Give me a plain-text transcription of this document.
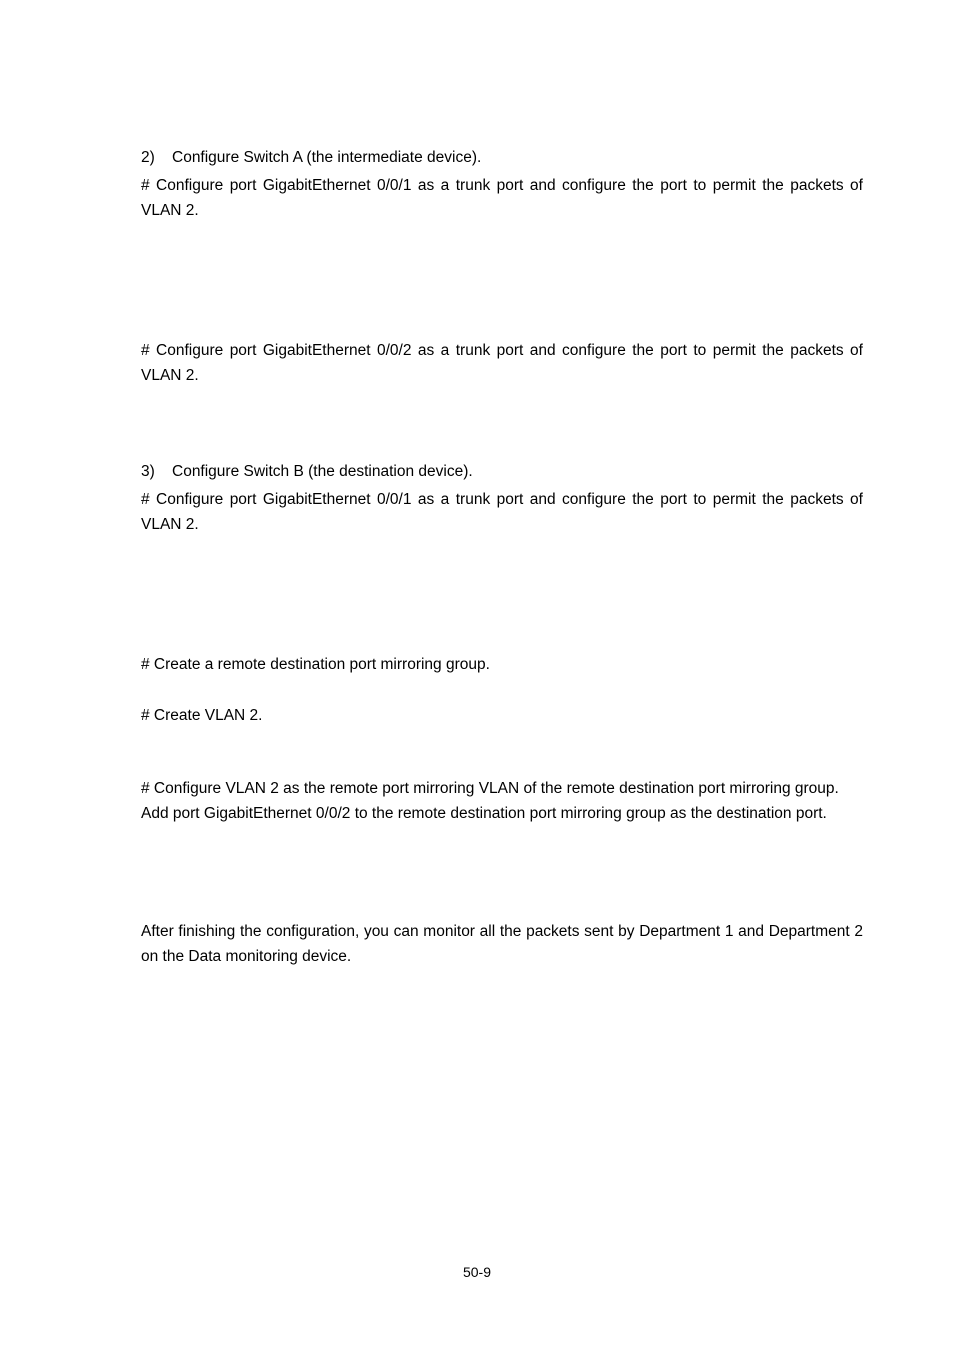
2) Configure Switch A (the intermediate device).

# Configure port GigabitEthernet 0/0/1 as a trunk port and configure the port to permit the packets of VLAN 2.

# Configure port GigabitEthernet 0/0/2 as a trunk port and configure the port to permit the packets of VLAN 2.

3) Configure Switch B (the destination device).

# Configure port GigabitEthernet 0/0/1 as a trunk port and configure the port to permit the packets of VLAN 2.

# Create a remote destination port mirroring group.

# Create VLAN 2.

# Configure VLAN 2 as the remote port mirroring VLAN of the remote destination port mirroring group.

Add port GigabitEthernet 0/0/2 to the remote destination port mirroring group as the destination port.

After finishing the configuration, you can monitor all the packets sent by Department 1 and Department 2 on the Data monitoring device.

50-9
